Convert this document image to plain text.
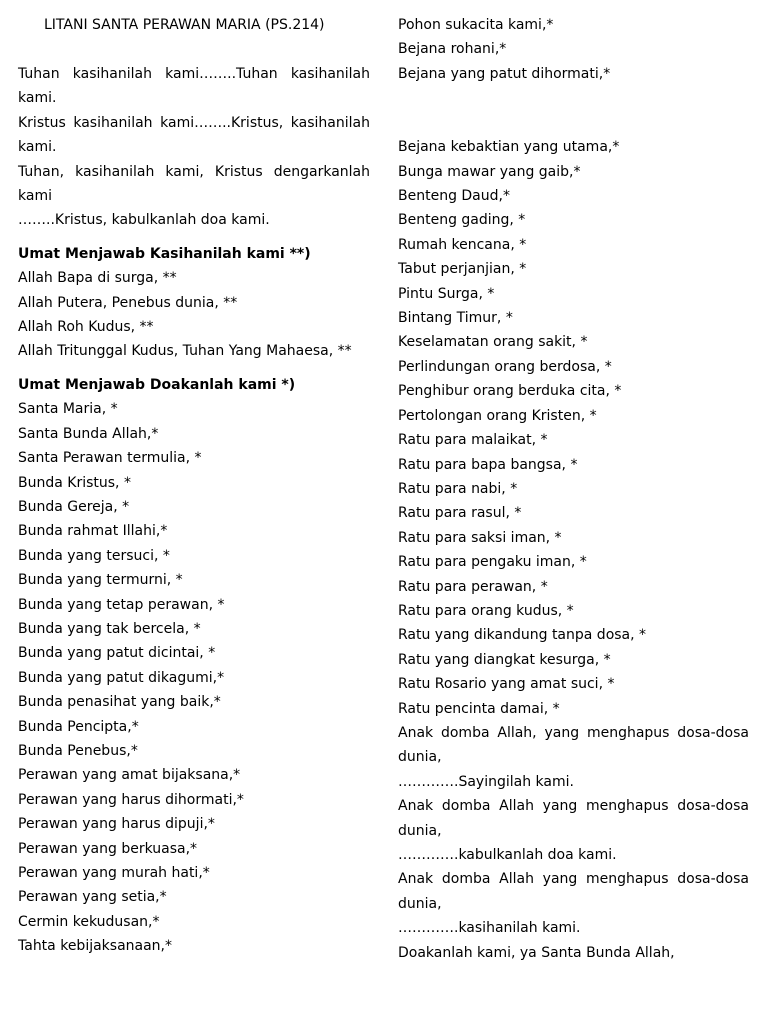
LITANI SANTA PERAWAN MARIA (PS.214)
Tuhan kasihanilah kami……..Tuhan kasihanilah kami.
Kristus kasihanilah kami……..Kristus, kasihanilah kami.
Tuhan, kasihanilah kami, Kristus dengarkanlah kami
……..Kristus, kabulkanlah doa kami.
Umat Menjawab Kasihanilah kami **)
Allah Bapa di surga, **
Allah Putera, Penebus dunia, **
Allah Roh Kudus, **
Allah Tritunggal Kudus, Tuhan Yang Mahaesa, **
Umat Menjawab Doakanlah kami *)
Santa Maria, *
Santa Bunda Allah,*
Santa Perawan termulia, *
Bunda Kristus, *
Bunda Gereja, *
Bunda rahmat Illahi,*
Bunda yang tersuci, *
Bunda yang termurni, *
Bunda yang tetap perawan, *
Bunda yang tak bercela, *
Bunda yang patut dicintai, *
Bunda yang patut dikagumi,*
Bunda penasihat yang baik,*
Bunda Pencipta,*
Bunda Penebus,*
Perawan yang amat bijaksana,*
Perawan yang harus dihormati,*
Perawan yang harus dipuji,*
Perawan yang berkuasa,*
Perawan yang murah hati,*
Perawan yang setia,*
Cermin kekudusan,*
Tahta kebijaksanaan,*
Pohon sukacita kami,*
Bejana rohani,*
Bejana yang patut dihormati,*
Bejana kebaktian yang utama,*
Bunga mawar yang gaib,*
Benteng Daud,*
Benteng gading, *
Rumah kencana, *
Tabut perjanjian, *
Pintu Surga, *
Bintang Timur, *
Keselamatan orang sakit, *
Perlindungan orang berdosa, *
Penghibur orang berduka cita, *
Pertolongan orang Kristen, *
Ratu para malaikat, *
Ratu para bapa bangsa, *
Ratu para nabi, *
Ratu para rasul, *
Ratu para saksi iman, *
Ratu para pengaku iman, *
Ratu para perawan, *
Ratu para orang kudus, *
Ratu yang dikandung tanpa dosa, *
Ratu yang diangkat kesurga, *
Ratu Rosario yang amat suci, *
Ratu pencinta damai, *
Anak domba Allah, yang menghapus dosa-dosa dunia,
………….Sayingilah kami.
Anak domba Allah yang menghapus dosa-dosa dunia,
………….kabulkanlah doa kami.
Anak domba Allah yang menghapus dosa-dosa dunia,
………….kasihanilah kami.
Doakanlah kami, ya Santa Bunda Allah,
